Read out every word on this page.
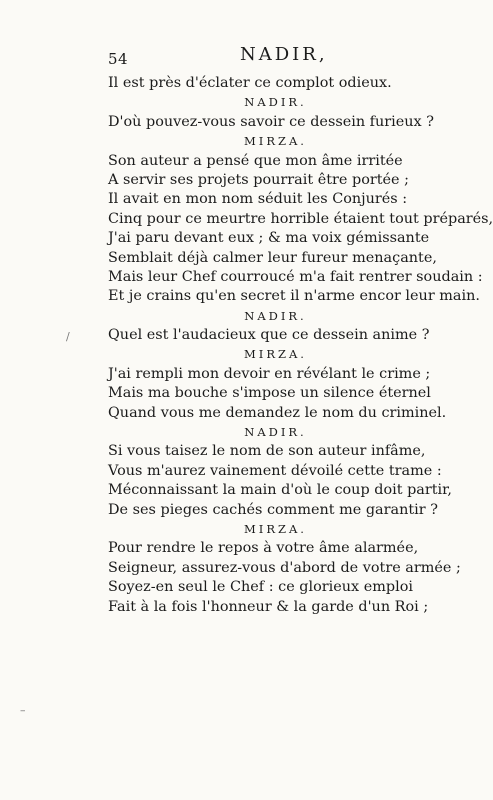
54	NADIR,
Il est près d'éclater ce complot odieux.
NADIR.
D'où pouvez-vous savoir ce dessein furieux ?
MIRZA.
Son auteur a pensé que mon âme irritée
A servir ses projets pourrait être portée ;
Il avait en mon nom séduit les Conjurés :
Cinq pour ce meurtre horrible étaient tout préparés,
J'ai paru devant eux ; & ma voix gémissante
Semblait déjà calmer leur fureur menaçante,
Mais leur Chef courroucé m'a fait rentrer soudain :
Et je crains qu'en secret il n'arme encor leur main.
NADIR.
Quel est l'audacieux que ce dessein anime ?
MIRZA.
J'ai rempli mon devoir en révélant le crime ;
Mais ma bouche s'impose un silence éternel
Quand vous me demandez le nom du criminel.
NADIR.
Si vous taisez le nom de son auteur infâme,
Vous m'aurez vainement dévoilé cette trame :
Méconnaissant la main d'où le coup doit partir,
De ses pieges cachés comment me garantir ?
MIRZA.
Pour rendre le repos à votre âme alarmée,
Seigneur, assurez-vous d'abord de votre armée ;
Soyez-en seul le Chef : ce glorieux emploi
Fait à la fois l'honneur & la garde d'un Roi ;
/
–
